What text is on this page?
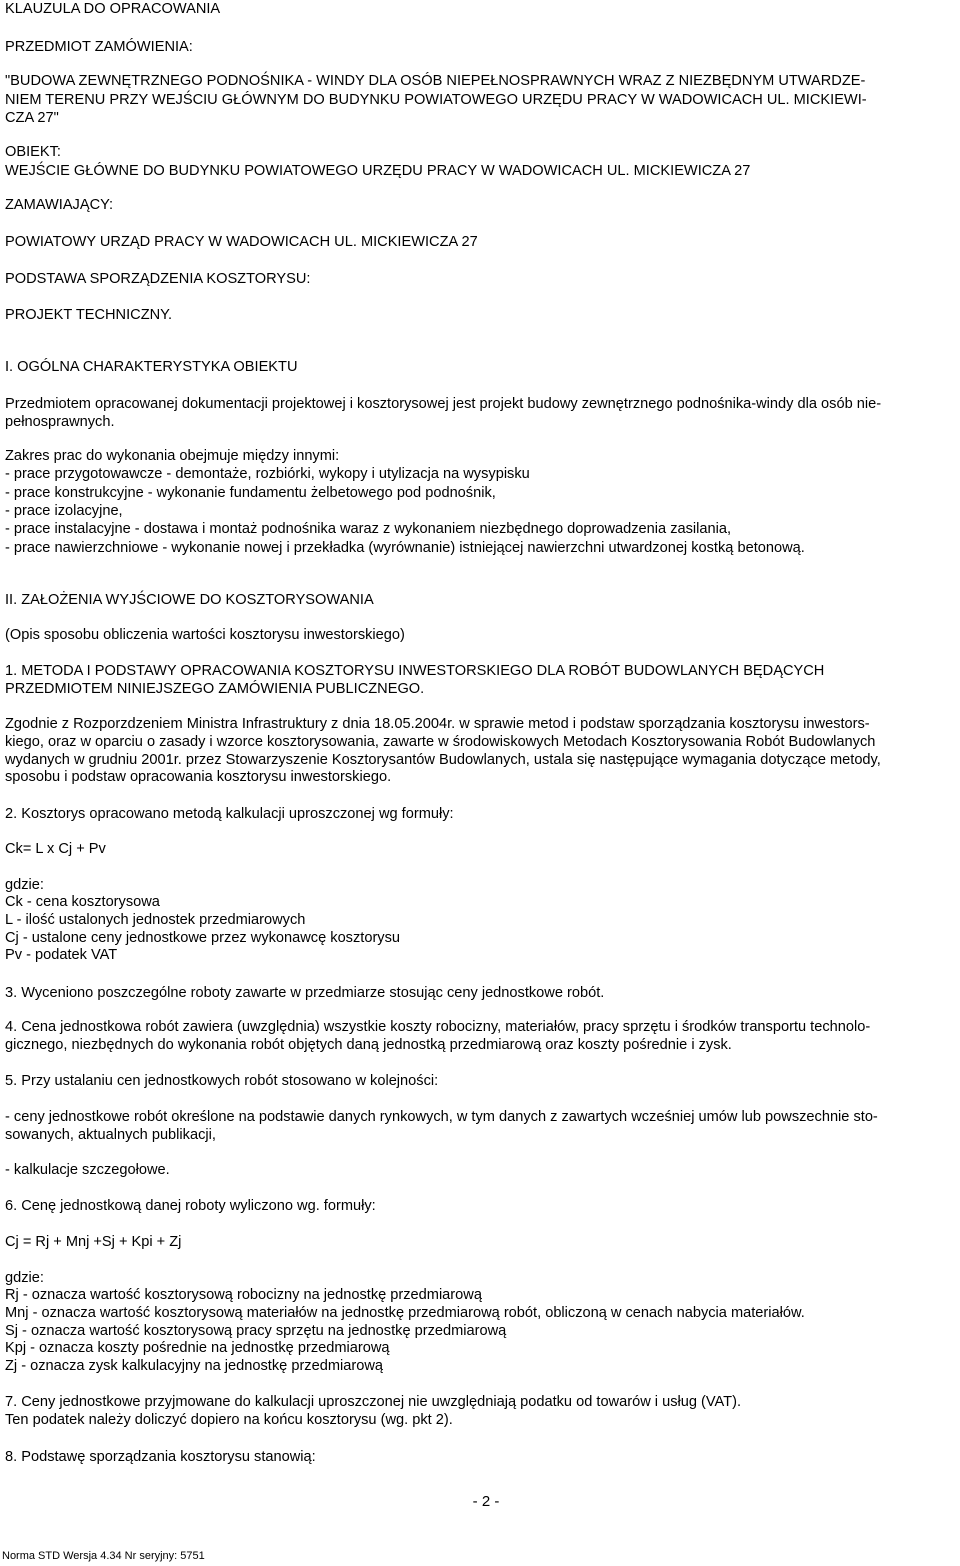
KLAUZULA DO OPRACOWANIA
PRZEDMIOT ZAMÓWIENIA:
"BUDOWA ZEWNĘTRZNEGO PODNOŚNIKA - WINDY DLA OSÓB NIEPEŁNOSPRAWNYCH WRAZ Z NIEZBĘDNYM UTWARDZE-
NIEM TERENU PRZY WEJŚCIU GŁÓWNYM DO BUDYNKU POWIATOWEGO URZĘDU PRACY W WADOWICACH UL. MICKIEWI-
CZA 27"
OBIEKT:
WEJŚCIE GŁÓWNE DO BUDYNKU POWIATOWEGO URZĘDU PRACY W WADOWICACH UL. MICKIEWICZA 27
ZAMAWIAJĄCY:
POWIATOWY URZĄD PRACY W WADOWICACH UL. MICKIEWICZA 27
PODSTAWA SPORZĄDZENIA KOSZTORYSU:
PROJEKT TECHNICZNY.
I. OGÓLNA CHARAKTERYSTYKA OBIEKTU
Przedmiotem opracowanej dokumentacji projektowej i kosztorysowej jest projekt budowy zewnętrznego podnośnika-windy dla osób nie-
pełnosprawnych.
Zakres prac do wykonania obejmuje między innymi:
- prace przygotowawcze - demontaże, rozbiórki, wykopy i utylizacja na wysypisku
- prace konstrukcyjne - wykonanie fundamentu żelbetowego pod podnośnik,
- prace izolacyjne,
- prace instalacyjne - dostawa i montaż podnośnika waraz z wykonaniem niezbędnego doprowadzenia zasilania,
- prace nawierzchniowe - wykonanie nowej i przekładka (wyrównanie) istniejącej nawierzchni utwardzonej kostką betonową.
II. ZAŁOŻENIA WYJŚCIOWE DO KOSZTORYSOWANIA
(Opis sposobu obliczenia wartości kosztorysu inwestorskiego)
1. METODA I PODSTAWY OPRACOWANIA KOSZTORYSU INWESTORSKIEGO DLA ROBÓT BUDOWLANYCH BĘDĄCYCH
PRZEDMIOTEM NINIEJSZEGO ZAMÓWIENIA PUBLICZNEGO.
Zgodnie z Rozporzdzeniem Ministra Infrastruktury z dnia 18.05.2004r. w sprawie metod i podstaw sporządzania kosztorysu inwestors-
kiego, oraz w oparciu o zasady i wzorce kosztorysowania, zawarte w środowiskowych Metodach Kosztorysowania Robót Budowlanych
wydanych w grudniu 2001r. przez Stowarzyszenie Kosztorysantów Budowlanych, ustala się następujące wymagania dotyczące metody,
sposobu i podstaw opracowania kosztorysu inwestorskiego.
2. Kosztorys opracowano metodą kalkulacji uproszczonej wg formuły:
Ck= L x Cj + Pv
gdzie:
Ck - cena kosztorysowa
L - ilość ustalonych jednostek przedmiarowych
Cj - ustalone ceny jednostkowe przez wykonawcę kosztorysu
Pv - podatek VAT
3. Wyceniono poszczególne roboty zawarte w przedmiarze stosując ceny jednostkowe robót.
4. Cena jednostkowa robót zawiera (uwzględnia) wszystkie koszty robocizny, materiałów, pracy sprzętu i środków transportu technolo-
gicznego, niezbędnych do wykonania robót objętych daną jednostką przedmiarową oraz koszty pośrednie i zysk.
5. Przy ustalaniu cen jednostkowych robót stosowano w kolejności:
- ceny jednostkowe robót określone na podstawie danych rynkowych, w tym danych z zawartych wcześniej umów lub powszechnie sto-
sowanych, aktualnych publikacji,
- kalkulacje szczegołowe.
6. Cenę jednostkową danej roboty wyliczono wg. formuły:
Cj = Rj + Mnj +Sj + Kpi + Zj
gdzie:
Rj - oznacza wartość kosztorysową robocizny na jednostkę przedmiarową
Mnj - oznacza wartość kosztorysową materiałów na jednostkę przedmiarową robót, obliczoną w cenach nabycia materiałów.
Sj - oznacza wartość kosztorysową pracy sprzętu na jednostkę przedmiarową
Kpj - oznacza koszty pośrednie na jednostkę przedmiarową
Zj - oznacza zysk kalkulacyjny na jednostkę przedmiarową
7. Ceny jednostkowe przyjmowane do kalkulacji uproszczonej nie uwzględniają podatku od towarów i usług (VAT).
Ten podatek należy doliczyć dopiero na końcu kosztorysu (wg. pkt 2).
8. Podstawę sporządzania kosztorysu stanowią:
- 2 -
Norma STD Wersja 4.34 Nr seryjny: 5751
